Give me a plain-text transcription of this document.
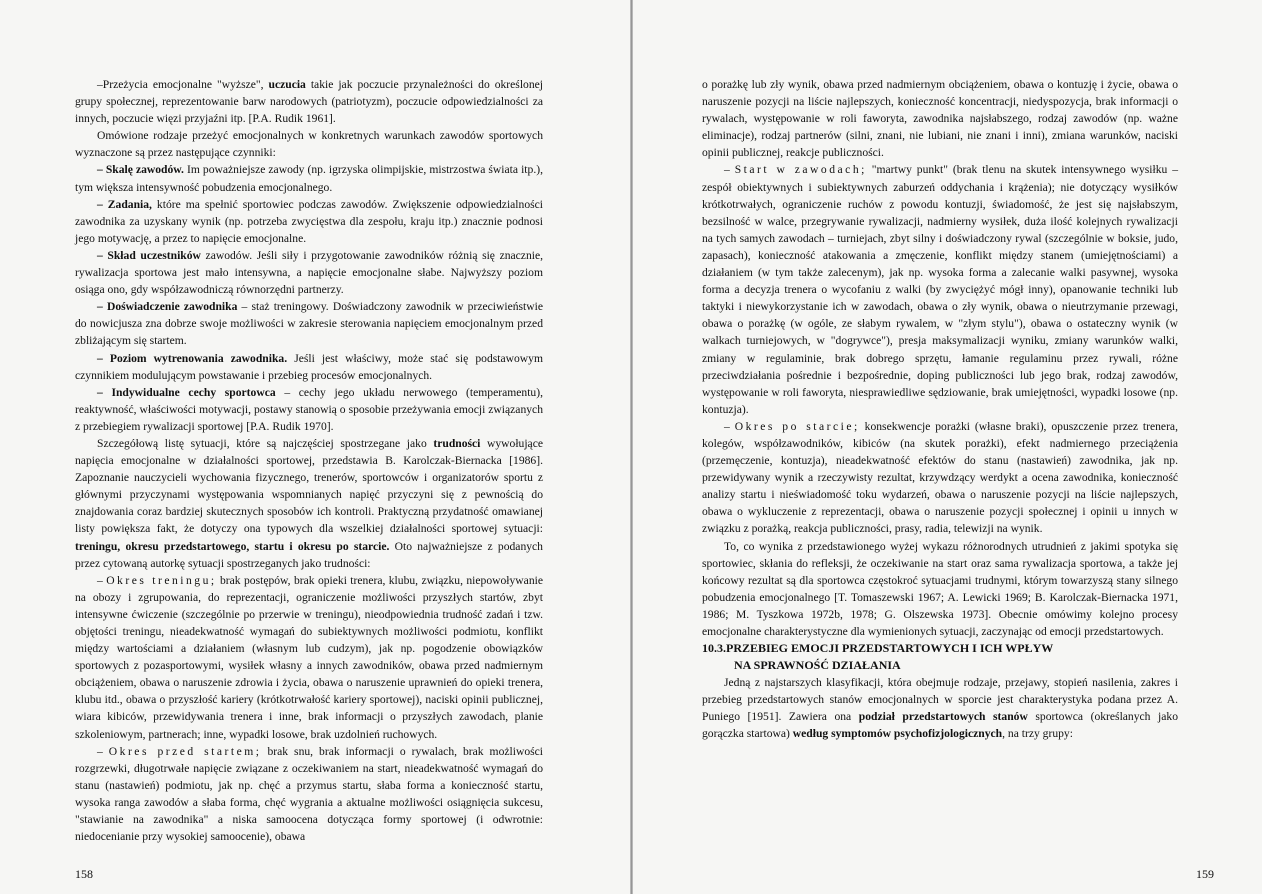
–Przeżycia emocjonalne "wyższe", uczucia takie jak poczucie przynależności do określonej grupy społecznej, reprezentowanie barw narodowych (patriotyzm), poczucie odpowiedzialności za innych, poczucie więzi przyjaźni itp. [P.A. Rudik 1961].

Omówione rodzaje przeżyć emocjonalnych w konkretnych warunkach zawodów sportowych wyznaczone są przez następujące czynniki:

– Skalę zawodów. Im poważniejsze zawody (np. igrzyska olimpijskie, mistrzostwa świata itp.), tym większa intensywność pobudzenia emocjonalnego.

– Zadania, które ma spełnić sportowiec podczas zawodów. Zwiększenie odpowiedzialności zawodnika za uzyskany wynik (np. potrzeba zwycięstwa dla zespołu, kraju itp.) znacznie podnosi jego motywację, a przez to napięcie emocjonalne.

– Skład uczestników zawodów. Jeśli siły i przygotowanie zawodników różnią się znacznie, rywalizacja sportowa jest mało intensywna, a napięcie emocjonalne słabe. Najwyższy poziom osiąga ono, gdy współzawodniczą równorzędni partnerzy.

– Doświadczenie zawodnika – staż treningowy. Doświadczony zawodnik w przeciwieństwie do nowicjusza zna dobrze swoje możliwości w zakresie sterowania napięciem emocjonalnym przed zbliżającym się startem.

– Poziom wytrenowania zawodnika. Jeśli jest właściwy, może stać się podstawowym czynnikiem modulującym powstawanie i przebieg procesów emocjonalnych.

– Indywidualne cechy sportowca – cechy jego układu nerwowego (temperamentu), reaktywność, właściwości motywacji, postawy stanowią o sposobie przeżywania emocji związanych z przebiegiem rywalizacji sportowej [P.A. Rudik 1970].

Szczegółową listę sytuacji, które są najczęściej spostrzegane jako trudności wywołujące napięcia emocjonalne w działalności sportowej, przedstawia B. Karolczak-Biernacka [1986]. Zapoznanie nauczycieli wychowania fizycznego, trenerów, sportowców i organizatorów sportu z głównymi przyczynami występowania wspomnianych napięć przyczyni się z pewnością do znajdowania coraz bardziej skutecznych sposobów ich kontroli. Praktyczną przydatność omawianej listy powiększa fakt, że dotyczy ona typowych dla wszelkiej działalności sportowej sytuacji: treningu, okresu przedstartowego, startu i okresu po starcie. Oto najważniejsze z podanych przez cytowaną autorkę sytuacji spostrzeganych jako trudności:

– Okres treningu; brak postępów, brak opieki trenera, klubu, związku, niepowoływanie na obozy i zgrupowania, do reprezentacji, ograniczenie możliwości przyszłych startów, zbyt intensywne ćwiczenie (szczególnie po przerwie w treningu), nieodpowiednia trudność zadań i tzw. objętości treningu, nieadekwatność wymagań do subiektywnych możliwości podmiotu, konflikt między wartościami a działaniem (własnym lub cudzym), jak np. pogodzenie obowiązków sportowych z pozasportowymi, wysiłek własny a innych zawodników, obawa przed nadmiernym obciążeniem, obawa o naruszenie zdrowia i życia, obawa o naruszenie uprawnień do opieki trenera, klubu itd., obawa o przyszłość kariery (krótkotrwałość kariery sportowej), naciski opinii publicznej, wiara kibiców, przewidywania trenera i inne, brak informacji o przyszłych zawodach, planie szkoleniowym, partnerach; inne, wypadki losowe, brak uzdolnień ruchowych.

– Okres przed startem; brak snu, brak informacji o rywalach, brak możliwości rozgrzewki, długotrwałe napięcie związane z oczekiwaniem na start, nieadekwatność wymagań do stanu (nastawień) podmiotu, jak np. chęć a przymus startu, słaba forma a konieczność startu, wysoka ranga zawodów a słaba forma, chęć wygrania a aktualne możliwości osiągnięcia sukcesu, "stawianie na zawodnika" a niska samoocena dotycząca formy sportowej (i odwrotnie: niedocenianie przy wysokiej samoocenie), obawa

158

o porażkę lub zły wynik, obawa przed nadmiernym obciążeniem, obawa o kontuzję i życie, obawa o naruszenie pozycji na liście najlepszych, konieczność koncentracji, niedyspozycja, brak informacji o rywalach, występowanie w roli faworyta, zawodnika najsłabszego, rodzaj zawodów (np. ważne eliminacje), rodzaj partnerów (silni, znani, nie lubiani, nie znani i inni), zmiana warunków, naciski opinii publicznej, reakcje publiczności.

– Start w zawodach; "martwy punkt" (brak tlenu na skutek intensywnego wysiłku – zespół obiektywnych i subiektywnych zaburzeń oddychania i krążenia); nie dotyczący wysiłków krótkotrwałych, ograniczenie ruchów z powodu kontuzji, świadomość, że jest się najsłabszym, bezsilność w walce, przegrywanie rywalizacji, nadmierny wysiłek, duża ilość kolejnych rywalizacji na tych samych zawodach – turniejach, zbyt silny i doświadczony rywal (szczególnie w boksie, judo, zapasach), konieczność atakowania a zmęczenie, konflikt między stanem (umiejętnościami) a działaniem (w tym także zalecenym), jak np. wysoka forma a zalecanie walki pasywnej, wysoka forma a decyzja trenera o wycofaniu z walki (by zwyciężyć mógł inny), opanowanie techniki lub taktyki i niewykorzystanie ich w zawodach, obawa o zły wynik, obawa o nieutrzymanie przewagi, obawa o porażkę (w ogóle, ze słabym rywalem, w "złym stylu"), obawa o ostateczny wynik (w walkach turniejowych, w "dogrywce"), presja maksymalizacji wyniku, zmiany warunków walki, zmiany w regulaminie, brak dobrego sprzętu, łamanie regulaminu przez rywali, różne przeciwdziałania pośrednie i bezpośrednie, doping publiczności lub jego brak, rodzaj zawodów, występowanie w roli faworyta, niesprawiedliwe sędziowanie, brak umiejętności, wypadki losowe (np. kontuzja).

– Okres po starcie; konsekwencje porażki (własne braki), opuszczenie przez trenera, kolegów, współzawodników, kibiców (na skutek porażki), efekt nadmiernego przeciążenia (przemęczenie, kontuzja), nieadekwatność efektów do stanu (nastawień) zawodnika, jak np. przewidywany wynik a rzeczywisty rezultat, krzywdzący werdykt a ocena zawodnika, konieczność analizy startu i nieświadomość toku wydarzeń, obawa o naruszenie pozycji na liście najlepszych, obawa o wykluczenie z reprezentacji, obawa o naruszenie pozycji społecznej i opinii u innych w związku z porażką, reakcja publiczności, prasy, radia, telewizji na wynik.

To, co wynika z przedstawionego wyżej wykazu różnorodnych utrudnień z jakimi spotyka się sportowiec, skłania do refleksji, że oczekiwanie na start oraz sama rywalizacja sportowa, a także jej końcowy rezultat są dla sportowca częstokroć sytuacjami trudnymi, którym towarzyszą stany silnego pobudzenia emocjonalnego [T. Tomaszewski 1967; A. Lewicki 1969; B. Karolczak-Biernacka 1971, 1986; M. Tyszkowa 1972b, 1978; G. Olszewska 1973]. Obecnie omówimy kolejno procesy emocjonalne charakterystyczne dla wymienionych sytuacji, zaczynając od emocji przedstartowych.

10.3.PRZEBIEG EMOCJI PRZEDSTARTOWYCH I ICH WPŁYW
NA SPRAWNOŚĆ DZIAŁANIA

Jedną z najstarszych klasyfikacji, która obejmuje rodzaje, przejawy, stopień nasilenia, zakres i przebieg przedstartowych stanów emocjonalnych w sporcie jest charakterystyka podana przez A. Puniego [1951]. Zawiera ona podział przedstartowych stanów sportowca (określanych jako gorączka startowa) według symptomów psychofizjologicznych, na trzy grupy:

159
